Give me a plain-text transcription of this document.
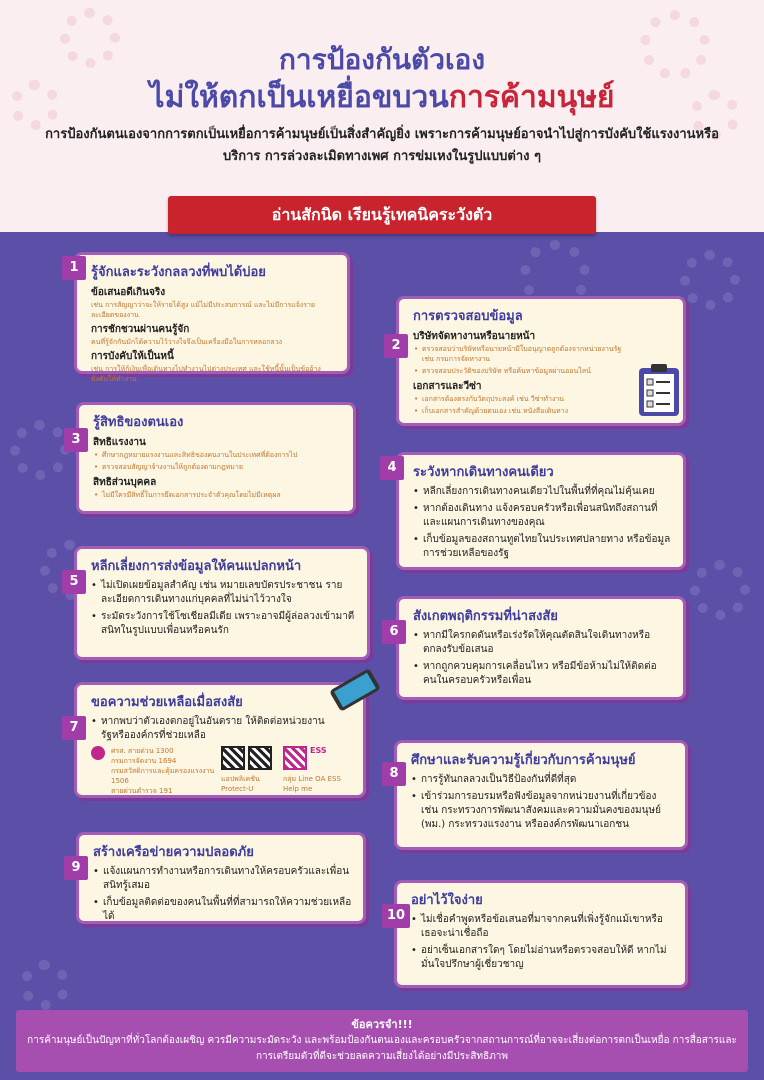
การป้องกันตัวเอง
ไม่ให้ตกเป็นเหยื่อขบวนการค้ามนุษย์
การป้องกันตนเองจากการตกเป็นเหยื่อการค้ามนุษย์เป็นสิ่งสำคัญยิ่ง เพราะการค้ามนุษย์อาจนำไปสู่การบังคับใช้แรงงานหรือบริการ การล่วงละเมิดทางเพศ การข่มเหงในรูปแบบต่าง ๆ
อ่านสักนิด เรียนรู้เทคนิคระวังตัว
รู้จักและระวังกลลวงที่พบได้บ่อย
ข้อเสนอดีเกินจริง
เช่น การสัญญาว่าจะให้รายได้สูง แม้ไม่มีประสบการณ์ และไม่มีการแจ้งรายละเอียดของงาน
การชักชวนผ่านคนรู้จัก
คนที่รู้จักกันมักได้ความไว้วางใจจึงเป็นเครื่องมือในการหลอกลวง
การบังคับให้เป็นหนี้
เช่น การให้กู้เงินเพื่อเดินทางไปทำงานไปต่างประเทศ และใช้หนี้นั้นเป็นข้ออ้างบังคับให้ทำงาน
1
การตรวจสอบข้อมูล
บริษัทจัดหางานหรือนายหน้า
• ตรวจสอบว่าบริษัทหรือนายหน้ามีใบอนุญาตถูกต้องจากหน่วยงานรัฐ เช่น กรมการจัดหางาน
• ตรวจสอบประวัติของบริษัท หรือค้นหาข้อมูลผ่านออนไลน์
เอกสารและวีซ่า
• เอกสารต้องตรงกับวัตถุประสงค์ เช่น วีซ่าทำงาน
• เก็บเอกสารสำคัญด้วยตนเอง เช่น หนังสือเดินทาง
2
รู้สิทธิของตนเอง
สิทธิแรงงาน
• ศึกษากฎหมายแรงงานและสิทธิของคนงานในประเทศที่ต้องการไป
• ตรวจสอบสัญญาจ้างงานให้ถูกต้องตามกฎหมาย
สิทธิส่วนบุคคล
• ไม่มีใครมีสิทธิ์ในการยึดเอกสารประจำตัวคุณโดยไม่มีเหตุผล
3
ระวังหากเดินทางคนเดียว
• หลีกเลี่ยงการเดินทางคนเดียวไปในพื้นที่ที่คุณไม่คุ้นเคย
• หากต้องเดินทาง แจ้งครอบครัวหรือเพื่อนสนิทถึงสถานที่และแผนการเดินทางของคุณ
• เก็บข้อมูลของสถานทูตไทยในประเทศปลายทาง หรือข้อมูลการช่วยเหลือของรัฐ
4
หลีกเลี่ยงการส่งข้อมูลให้คนแปลกหน้า
• ไม่เปิดเผยข้อมูลสำคัญ เช่น หมายเลขบัตรประชาชน รายละเอียดการเดินทางแก่บุคคลที่ไม่น่าไว้วางใจ
• ระมัดระวังการใช้โซเชียลมีเดีย เพราะอาจมีผู้ล่อลวงเข้ามาตีสนิทในรูปแบบเพื่อนหรือคนรัก
5
สังเกตพฤติกรรมที่น่าสงสัย
• หากมีใครกดดันหรือเร่งรัดให้คุณตัดสินใจเดินทางหรือตกลงรับข้อเสนอ
• หากถูกควบคุมการเคลื่อนไหว หรือมีข้อห้ามไม่ให้ติดต่อคนในครอบครัวหรือเพื่อน
6
ขอความช่วยเหลือเมื่อสงสัย
• หากพบว่าตัวเองตกอยู่ในอันตราย ให้ติดต่อหน่วยงานรัฐหรือองค์กรที่ช่วยเหลือ
ศรส. สายด่วน 1300
กรมการจัดงาน 1694
กรมสวัสดิการและคุ้มครองแรงงาน 1506
สายด่วนตำรวจ 191
แอปพลิเคชัน Protect-U
ESS
กลุ่ม Line OA ESS Help me
7
ศึกษาและรับความรู้เกี่ยวกับการค้ามนุษย์
• การรู้ทันกลลวงเป็นวิธีป้องกันที่ดีที่สุด
• เข้าร่วมการอบรมหรือฟังข้อมูลจากหน่วยงานที่เกี่ยวข้อง เช่น กระทรวงการพัฒนาสังคมและความมั่นคงของมนุษย์ (พม.) กระทรวงแรงงาน หรือองค์กรพัฒนาเอกชน
8
สร้างเครือข่ายความปลอดภัย
• แจ้งแผนการทำงานหรือการเดินทางให้ครอบครัวและเพื่อนสนิทรู้เสมอ
• เก็บข้อมูลติดต่อของคนในพื้นที่ที่สามารถให้ความช่วยเหลือได้
9
อย่าไว้ใจง่าย
• ไม่เชื่อคำพูดหรือข้อเสนอที่มาจากคนที่เพิ่งรู้จักแม้เขาหรือเธอจะน่าเชื่อถือ
• อย่าเซ็นเอกสารใดๆ โดยไม่อ่านหรือตรวจสอบให้ดี หากไม่มั่นใจปรึกษาผู้เชี่ยวชาญ
10
ข้อควรจำ!!!
การค้ามนุษย์เป็นปัญหาที่ทั่วโลกต้องเผชิญ ควรมีความระมัดระวัง และพร้อมป้องกันตนเองและครอบครัวจากสถานการณ์ที่อาจจะเสี่ยงต่อการตกเป็นเหยื่อ การสื่อสารและการเตรียมตัวที่ดีจะช่วยลดความเสี่ยงได้อย่างมีประสิทธิภาพ
